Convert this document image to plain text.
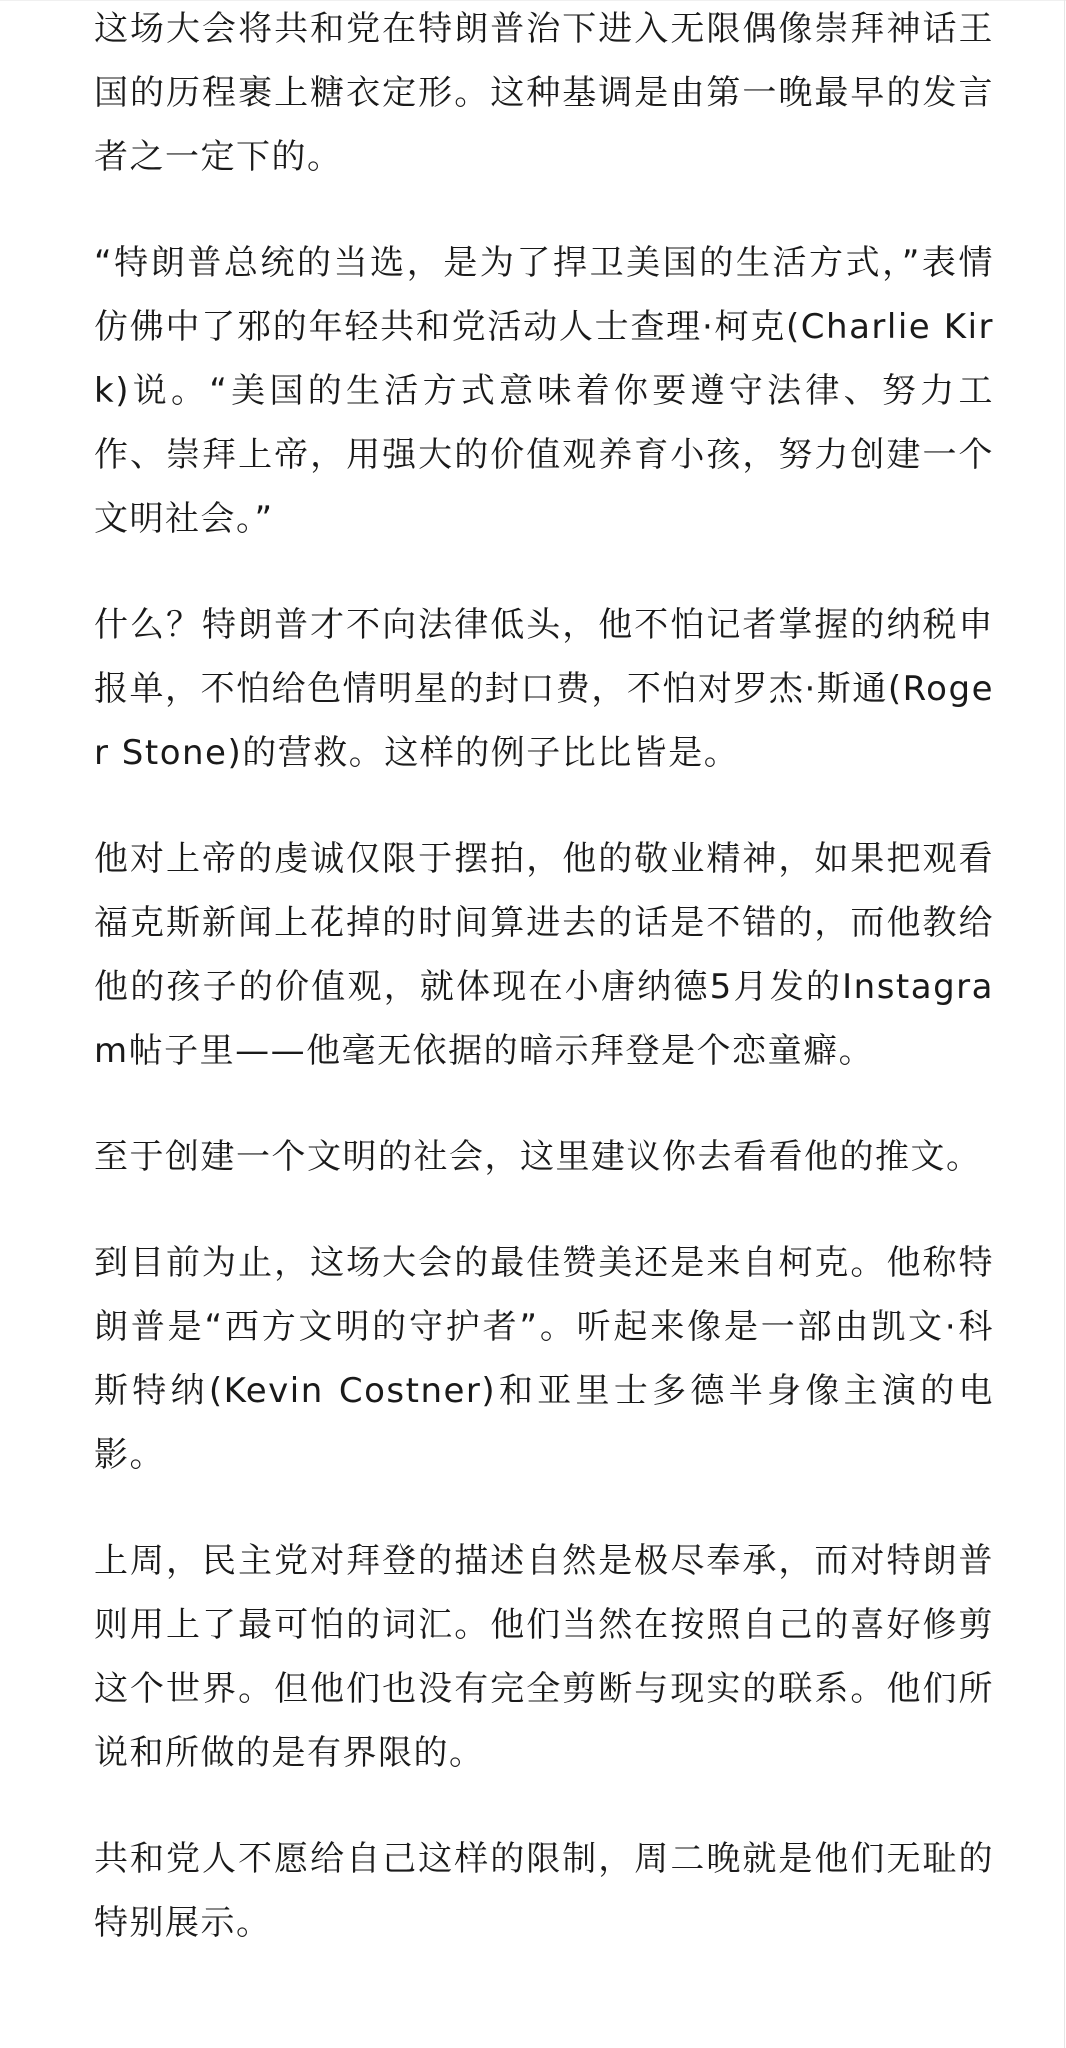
这场大会将共和党在特朗普治下进入无限偶像崇拜神话王国的历程裹上糖衣定形。这种基调是由第一晚最早的发言者之一定下的。

“特朗普总统的当选，是为了捍卫美国的生活方式，”表情仿佛中了邪的年轻共和党活动人士查理·柯克(Charlie Kirk)说。“美国的生活方式意味着你要遵守法律、努力工作、崇拜上帝，用强大的价值观养育小孩，努力创建一个文明社会。”

什么？特朗普才不向法律低头，他不怕记者掌握的纳税申报单，不怕给色情明星的封口费，不怕对罗杰·斯通(Roger Stone)的营救。这样的例子比比皆是。

他对上帝的虔诚仅限于摆拍，他的敬业精神，如果把观看福克斯新闻上花掉的时间算进去的话是不错的，而他教给他的孩子的价值观，就体现在小唐纳德5月发的Instagram帖子里——他毫无依据的暗示拜登是个恋童癖。

至于创建一个文明的社会，这里建议你去看看他的推文。

到目前为止，这场大会的最佳赞美还是来自柯克。他称特朗普是“西方文明的守护者”。听起来像是一部由凯文·科斯特纳(Kevin Costner)和亚里士多德半身像主演的电影。

上周，民主党对拜登的描述自然是极尽奉承，而对特朗普则用上了最可怕的词汇。他们当然在按照自己的喜好修剪这个世界。但他们也没有完全剪断与现实的联系。他们所说和所做的是有界限的。

共和党人不愿给自己这样的限制，周二晚就是他们无耻的特别展示。
